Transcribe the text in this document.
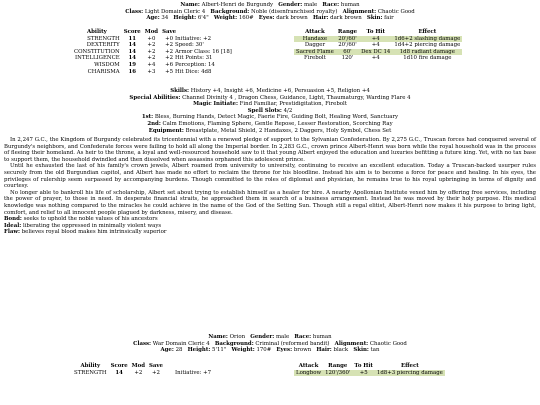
Name: Albert-Henri de Burgundy Gender: male Race: human

Class: Light Domain Cleric 4 Background: Noble (disenfranchised royalty) Alignment: Chaotic Good

Age: 34 Height: 6'4" Weight: 160# Eyes: dark brown Hair: dark brown Skin: fair

Ability	Score	Mod	Save
STRENGTH	11	+0	+0
DEXTERITY	14	+2	+2
CONSTITUTION	14	+2	+2
INTELLIGENCE	14	+2	+2
WISDOM	19	+4	+6
CHARISMA	16	+3	+5
Initiative: +2
Speed: 30'
Armor Class: 16 [18]
Hit Points: 31
Perception: 14
Hit Dice: 4d8
Attack	Range	To Hit	Effect
Handaxe	20'/60'	+4	1d6+2 slashing damage
Dagger	20'/60'	+4	1d4+2 piercing damage
Sacred Flame	60'	Dex DC 14	1d8 radiant damage
Firebolt	120'	+4	1d10 fire damage

Skills: History +4, Insight +6, Medicine +6, Persuasion +5, Religion +4

Special Abilities: Channel Divinity 4 , Dragon Chess, Guidance, Light, Thaumaturgy, Warding Flare 4

Magic Initiate: Find Familiar, Prestidigitation, Firebolt

Spell Slots: 4/2

1st: Bless, Burning Hands, Detect Magic, Faerie Fire, Guiding Bolt, Healing Word, Sanctuary

2nd: Calm Emotions, Flaming Sphere, Gentle Repose, Lesser Restoration, Scorching Ray

Equipment: Breastplate, Metal Shield, 2 Handaxes, 2 Daggers, Holy Symbol, Chess Set

In 2,247 G.C., the Kingdom of Burgundy celebrated its tricentennial with a renewed pledge of support to the Sylvanian Confederation. By 2,275 G.C., Truscan forces had conquered several of Burgundy's neighbors, and Confederate forces were failing to hold all along the Imperial border. In 2,283 G.C., crown prince Albert-Henri was born while the royal household was in the process of fleeing their homeland. As heir to the throne, a loyal and well-resourced household saw to it that young Albert enjoyed the education and luxuries befitting a future king. Yet, with no tax base to support them, the household dwindled and then dissolved when assassins orphaned this adolescent prince.

Until he exhausted the last of his family's crown jewels, Albert roamed from university to university, continuing to receive an excellent education. Today a Truscan-backed usurper rules securely from the old Burgundian capitol, and Albert has made no effort to reclaim the throne for his bloodline. Instead his aim is to become a force for peace and healing. In his eyes, the privileges of rulership seem surpassed by accompanying burdens. Though committed to the roles of diplomat and physician, he remains true to his royal upbringing in terms of dignity and courtesy.

No longer able to bankroll his life of scholarship, Albert set about trying to establish himself as a healer for hire. A nearby Apollonian Institute vexed him by offering free services, including the power of prayer, to those in need. In desperate financial straits, he approached them in search of a business arrangement. Instead he was moved by their holy purpose. His medical knowledge was nothing compared to the miracles he could achieve in the name of the God of the Setting Sun. Though still a regal elitist, Albert-Henri now makes it his purpose to bring light, comfort, and relief to all innocent people plagued by darkness, misery, and disease.

Bond: seeks to uphold the noble values of his ancestors

Ideal: liberating the oppressed in minimally violent ways

Flaw: believes royal blood makes him intrinsically superior

Name: Orion Gender: male Race: human

Class: War Domain Cleric 4 Background: Criminal (reformed bandit) Alignment: Chaotic Good

Age: 28 Height: 5'11" Weight: 170# Eyes: brown Hair: black Skin: tan

Ability	Score	Mod	Save
STRENGTH	14	+2	+2	Initiative: +7
Attack	Range	To Hit	Effect
Longbow	120'/360'	+5	1d8+3 piercing damage
